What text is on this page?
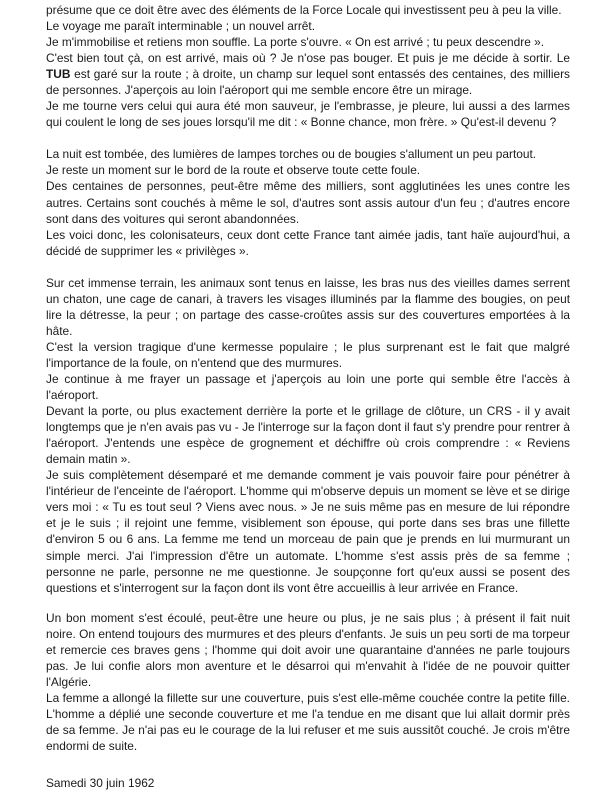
présume que ce doit être avec des éléments de la Force Locale qui investissent peu à peu la ville.

Le voyage me paraît interminable ; un nouvel arrêt.

Je m'immobilise et retiens mon souffle. La porte s'ouvre. « On est arrivé ; tu peux descendre ».

C'est bien tout çà, on est arrivé, mais où ? Je n'ose pas bouger. Et puis je me décide à sortir. Le TUB est garé sur la route ; à droite, un champ sur lequel sont entassés des centaines, des milliers de personnes. J'aperçois au loin l'aéroport qui me semble encore être un mirage.

Je me tourne vers celui qui aura été mon sauveur, je l'embrasse, je pleure, lui aussi a des larmes qui coulent le long de ses joues lorsqu'il me dit : « Bonne chance, mon frère. » Qu'est-il devenu ?

La nuit est tombée, des lumières de lampes torches ou de bougies s'allument un peu partout.

Je reste un moment sur le bord de la route et observe toute cette foule.

Des centaines de personnes, peut-être même des milliers, sont agglutinées les unes contre les autres. Certains sont couchés à même le sol, d'autres sont assis autour d'un feu ; d'autres encore sont dans des voitures qui seront abandonnées.

Les voici donc, les colonisateurs, ceux dont cette France tant aimée jadis, tant haïe aujourd'hui, a décidé de supprimer les « privilèges ».

Sur cet immense terrain, les animaux sont tenus en laisse, les bras nus des vieilles dames serrent un chaton, une cage de canari, à travers les visages illuminés par la flamme des bougies, on peut lire la détresse, la peur ; on partage des casse-croûtes assis sur des couvertures emportées à la hâte.

C'est la version tragique d'une kermesse populaire ; le plus surprenant est le fait que malgré l'importance de la foule, on n'entend que des murmures.

Je continue à me frayer un passage et j'aperçois au loin une porte qui semble être l'accès à l'aéroport.

Devant la porte, ou plus exactement derrière la porte et le grillage de clôture, un CRS - il y avait longtemps que je n'en avais pas vu - Je l'interroge sur la façon dont il faut s'y prendre pour rentrer à l'aéroport. J'entends une espèce de grognement et déchiffre où crois comprendre : « Reviens demain matin ».

Je suis complètement désemparé et me demande comment je vais pouvoir faire pour pénétrer à l'intérieur de l'enceinte de l'aéroport. L'homme qui m'observe depuis un moment se lève et se dirige vers moi : « Tu es tout seul ? Viens avec nous. » Je ne suis même pas en mesure de lui répondre et je le suis ; il rejoint une femme, visiblement son épouse, qui porte dans ses bras une fillette d'environ 5 ou 6 ans. La femme me tend un morceau de pain que je prends en lui murmurant un simple merci. J'ai l'impression d'être un automate. L'homme s'est assis près de sa femme ; personne ne parle, personne ne me questionne. Je soupçonne fort qu'eux aussi se posent des questions et s'interrogent sur la façon dont ils vont être accueillis à leur arrivée en France.

Un bon moment s'est écoulé, peut-être une heure ou plus, je ne sais plus ; à présent il fait nuit noire. On entend toujours des murmures et des pleurs d'enfants. Je suis un peu sorti de ma torpeur et remercie ces braves gens ; l'homme qui doit avoir une quarantaine d'années ne parle toujours pas. Je lui confie alors mon aventure et le désarroi qui m'envahit à l'idée de ne pouvoir quitter l'Algérie.

La femme a allongé la fillette sur une couverture, puis s'est elle-même couchée contre la petite fille. L'homme a déplié une seconde couverture et me l'a tendue en me disant que lui allait dormir près de sa femme. Je n'ai pas eu le courage de la lui refuser et me suis aussitôt couché. Je crois m'être endormi de suite.

Samedi 30 juin 1962
